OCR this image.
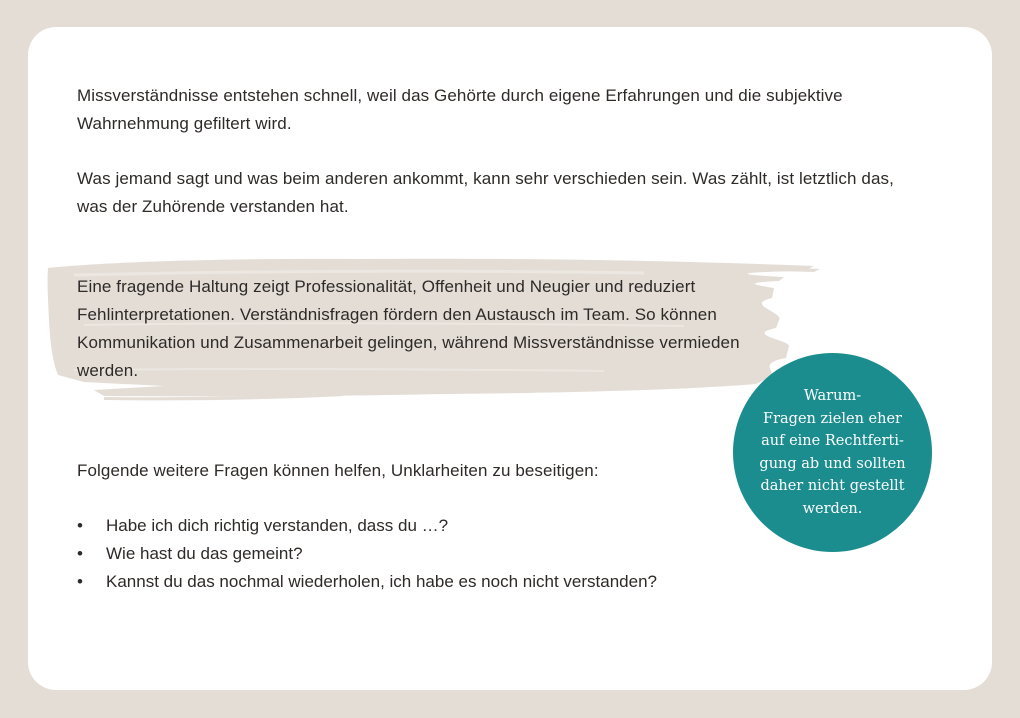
Missverständnisse entstehen schnell, weil das Gehörte durch eigene Erfahrungen und die subjektive Wahrnehmung gefiltert wird.

Was jemand sagt und was beim anderen ankommt, kann sehr verschieden sein. Was zählt, ist letztlich das, was der Zuhörende verstanden hat.

Eine fragende Haltung zeigt Professionalität, Offenheit und Neugier und reduziert Fehlinterpretationen. Verständnisfragen fördern den Austausch im Team. So können Kommunikation und Zusammenarbeit gelingen, während Missverständnisse vermieden werden.

Folgende weitere Fragen können helfen, Unklarheiten zu beseitigen:

• Habe ich dich richtig verstanden, dass du …?
• Wie hast du das gemeint?
• Kannst du das nochmal wiederholen, ich habe es noch nicht verstanden?
Warum-
Fragen zielen eher
auf eine Rechtferti-
gung ab und sollten
daher nicht gestellt
werden.
